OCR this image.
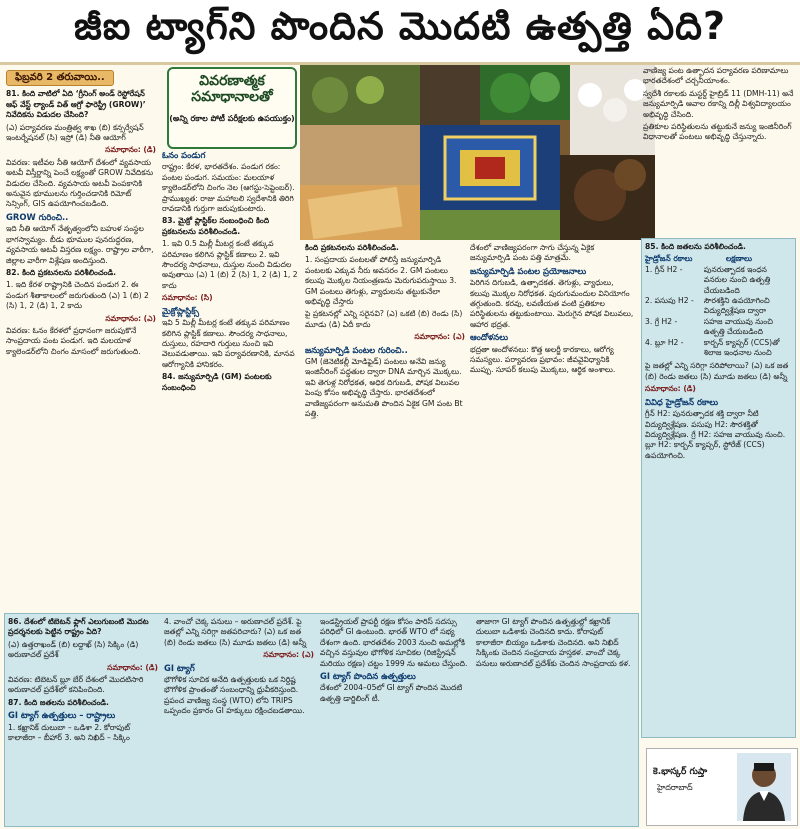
జీఐ ట్యాగ్‌ని పొందిన మొదటి ఉత్పత్తి ఏది?
ఫిబ్రవరి 2 తరువాయి..

81. కింది వాటిలో ఏది ‘గ్రీనింగ్ అండ్ రెస్టోరేషన్ ఆఫ్ వేస్ట్ ల్యాండ్ విత్ ఆగ్రో ఫారెస్ట్రీ (GROW)’ నివేదికను విడుదల చేసింది?

(ఎ) పర్యావరణ మంత్రిత్వ శాఖ (బి) కన్సర్వేషన్ ఇంటర్నేషనల్ (సి) ఇస్రో (డి) నీతి ఆయోగ్

సమాధానం: (డి)

వివరణ: ఇటీవల నీతి ఆయోగ్ దేశంలో వ్యవసాయ అటవీ విస్తీర్ణాన్ని పెంచే లక్ష్యంతో GROW నివేదికను విడుదల చేసింది. వ్యవసాయ అటవీ పెంపకానికి అనువైన భూములను గుర్తించడానికి రిమోట్ సెన్సింగ్, GIS ఉపయోగించబడింది.

GROW గురించి..

ఇది నీతి ఆయోగ్ నేతృత్వంలోని బహుళ సంస్థల భాగస్వామ్యం. బీడు భూముల పునరుద్ధరణ, వ్యవసాయ అటవీ విస్తరణ లక్ష్యం. రాష్ట్రాల వారీగా, జిల్లాల వారీగా విశ్లేషణ అందిస్తుంది.

82. కింది ప్రకటనలను పరిశీలించండి.

1. ఇది కేరళ రాష్ట్రానికి చెందిన పండుగ 2. ఈ పండుగ శీతాకాలంలో జరుగుతుంది (ఎ) 1 (బి) 2 (సి) 1, 2 (డి) 1, 2 కాదు

సమాధానం: (ఎ)

వివరణ: ఓనం కేరళలో ప్రధానంగా జరుపుకొనే సాంప్రదాయ పంట పండుగ. ఇది మలయాళ క్యాలెండర్‌లోని చింగం మాసంలో జరుగుతుంది.

వివరణాత్మక సమాధానాలతో
(అన్ని రకాల పోటీ పరీక్షలకు ఉపయుక్తం)

ఓనం పండుగ

రాష్ట్రం: కేరళ, భారతదేశం. పండుగ రకం: పంటల పండుగ. సమయం: మలయాళ క్యాలెండర్‌లోని చింగం నెల (ఆగస్టు-సెప్టెంబర్). ప్రాముఖ్యత: రాజు మహాబలి స్వదేశానికి తిరిగి రావడానికి గుర్తుగా జరుపుకుంటారు.

83. మైక్రో ప్లాస్టిక్‌ల సంబంధించి కింది ప్రకటనలను పరిశీలించండి.

1. ఇవి 0.5 మిల్లీ మీటర్ల కంటే తక్కువ పరిమాణం కలిగిన ప్లాస్టిక్ కణాలు 2. ఇవి సౌందర్య సాధనాలు, దుస్తుల నుంచి విడుదల అవుతాయి (ఎ) 1 (బి) 2 (సి) 1, 2 (డి) 1, 2 కాదు

సమాధానం: (సి)

మైక్రోప్లాస్టిక్స్

ఇవి 5 మిల్లీ మీటర్ల కంటే తక్కువ పరిమాణం కలిగిన ప్లాస్టిక్ కణాలు. సౌందర్య సాధనాలు, దుస్తులు, రహదారి గుర్తులు నుంచి ఇవి వెలువడుతాయి. ఇవి పర్యావరణానికి, మానవ ఆరోగ్యానికి హానికరం.

84. జన్యుమార్పిడి (GM) పంటలకు సంబంధించి

కింది ప్రకటనలను పరిశీలించండి.

1. సంప్రదాయ పంటలతో పోలిస్తే జన్యుమార్పిడి పంటలకు ఎక్కువ నీరు అవసరం 2. GM పంటలు కలుపు మొక్కల నియంత్రణను మెరుగుపరుస్తాయి 3. GM పంటలు తెగుళ్లు, వ్యాధులను తట్టుకునేలా అభివృద్ధి చేస్తారు

పై ప్రకటనల్లో ఎన్ని సరైనవి? (ఎ) ఒకటి (బి) రెండు (సి) మూడు (డి) ఏదీ కాదు

సమాధానం: (ఎ)

జన్యుమార్పిడి పంటల గురించి..

GM (జెనెటికల్లీ మోడిఫైడ్) పంటలు అనేవి జన్యు ఇంజినీరింగ్ పద్ధతుల ద్వారా DNA మార్చిన మొక్కలు. ఇవి తెగుళ్ల నిరోధకత, అధిక దిగుబడి, పోషక విలువల పెంపు కోసం అభివృద్ధి చేస్తారు. భారతదేశంలో వాణిజ్యపరంగా అనుమతి పొందిన ఏకైక GM పంట Bt పత్తి.

దేశంలో వాణిజ్యపరంగా సాగు చేస్తున్న ఏకైక జన్యుమార్పిడి పంట పత్తి మాత్రమే.

జన్యుమార్పిడి పంటల ప్రయోజనాలు

పెరిగిన దిగుబడి, ఉత్పాదకత. తెగుళ్లు, వ్యాధులు, కలుపు మొక్కల నిరోధకత. పురుగుమందుల వినియోగం తగ్గుతుంది. కరవు, లవణీయత వంటి ప్రతికూల పరిస్థితులను తట్టుకుంటాయి. మెరుగైన పోషక విలువలు, ఆహార భద్రత.

ఆందోళనలు

భద్రతా ఆందోళనలు: కొత్త అలర్జీ కారకాలు, ఆరోగ్య సమస్యలు. పర్యావరణ ప్రభావం: జీవవైవిధ్యానికి ముప్పు. సూపర్ కలుపు మొక్కలు, ఆర్థిక అంశాలు.

వాణిజ్య పంట ఉత్పాదన పర్యావరణ పరిణామాలు భారతదేశంలో చర్చనీయాంశం.

స్వదేశీ రకాలకు మస్టర్డ్ హైబ్రిడ్ 11 (DMH-11) అనే జన్యుమార్పిడి ఆవాల రకాన్ని దిల్లీ విశ్వవిద్యాలయం అభివృద్ధి చేసింది.

ప్రతికూల పరిస్థితులను తట్టుకునే జన్యు ఇంజినీరింగ్ విధానాలతో పంటలు అభివృద్ధి చేస్తున్నారు.

85. కింది జతలను పరిశీలించండి.

హైడ్రోజన్ రకాలు	లక్షణాలు
1. గ్రీన్ H2 -	పునరుత్పాదక ఇంధన వనరుల నుంచి ఉత్పత్తి చేయబడింది
2. పసుపు H2 -	సౌరశక్తిని ఉపయోగించి విద్యుద్విశ్లేషణ ద్వారా
3. గ్రే H2 -	సహజ వాయువు నుంచి ఉత్పత్తి చేయబడింది
4. బ్లూ H2 -	కార్బన్ క్యాప్చర్ (CCS)తో శిలాజ ఇంధనాల నుంచి

పై జతల్లో ఎన్ని సరిగ్గా సరిపోలాయి? (ఎ) ఒక జత (బి) రెండు జతలు (సి) మూడు జతలు (డి) అన్నీ

సమాధానం: (డి)

వివిధ హైడ్రోజన్ రకాలు

గ్రీన్ H2: పునరుత్పాదక శక్తి ద్వారా నీటి విద్యుద్విశ్లేషణ. పసుపు H2: సౌరశక్తితో విద్యుద్విశ్లేషణ. గ్రే H2: సహజ వాయువు నుంచి. బ్లూ H2: కార్బన్ క్యాప్చర్, స్టోరేజ్ (CCS) ఉపయోగించి.

86. దేశంలో టిబెటన్ ఫ్లాగ్ ఎలుగుబంటి మొదట ప్రదర్శనలకు పెట్టిన రాష్ట్రం ఏది?

(ఎ) ఉత్తరాఖండ్ (బి) లద్దాఖ్ (సి) సిక్కిం (డి) అరుణాచల్ ప్రదేశ్

సమాధానం: (డి)

వివరణ: టిబెటన్ బ్లూ బేర్ దేశంలో మొదటిసారి అరుణాచల్ ప్రదేశ్‌లో కనిపించింది.

87. కింది జతలను పరిశీలించండి.

GI ట్యాగ్ ఉత్పత్తులు – రాష్ట్రాలు

1. కఖ్రానిక్ దులుబా – ఒడిశా 2. కోరాపుట్ కాలాజీరా – బీహార్ 3. అని నిఖిద్ – సిక్కిం

4. వాంచో చెక్క పనులు – అరుణాచల్ ప్రదేశ్. పై జతల్లో ఎన్ని సరిగ్గా జతపరిచారు? (ఎ) ఒక జత (బి) రెండు జతలు (సి) మూడు జతలు (డి) అన్నీ

సమాధానం: (ఎ)

GI ట్యాగ్

భౌగోళిక సూచిక అనేది ఉత్పత్తులకు ఒక నిర్దిష్ట భౌగోళిక ప్రాంతంతో సంబంధాన్ని ధ్రువీకరిస్తుంది. ప్రపంచ వాణిజ్య సంస్థ (WTO) లోని TRIPS ఒప్పందం ప్రకారం GI హక్కులు రక్షించబడతాయి.

ఇండస్ట్రియల్ ప్రాపర్టీ రక్షణ కోసం పారిస్ సదస్సు పరిధిలో GI ఉంటుంది. భారత్ WTO లో సభ్య దేశంగా ఉంది. భారతదేశం 2003 నుంచి అమల్లోకి వచ్చిన వస్తువుల భౌగోళిక సూచికల (రిజిస్ట్రేషన్ మరియు రక్షణ) చట్టం 1999 ను అమలు చేస్తుంది.

GI ట్యాగ్ పొందిన ఉత్పత్తులు

దేశంలో 2004–05లో GI ట్యాగ్ పొందిన మొదటి ఉత్పత్తి డార్జిలింగ్ టీ.

తాజాగా GI ట్యాగ్ పొందిన ఉత్పత్తుల్లో కఖ్రానిక్ దులుబా ఒడిశాకు చెందినది కాదు. కోరాపుట్ కాలాజీరా బియ్యం ఒడిశాకు చెందినది. అని నిఖిద్ సిక్కింకు చెందిన సంప్రదాయ హస్తకళ. వాంచో చెక్క పనులు అరుణాచల్ ప్రదేశ్‌కు చెందిన సాంప్రదాయ కళ.

కె.భాస్కర్ గుప్తా
హైదరాబాద్
